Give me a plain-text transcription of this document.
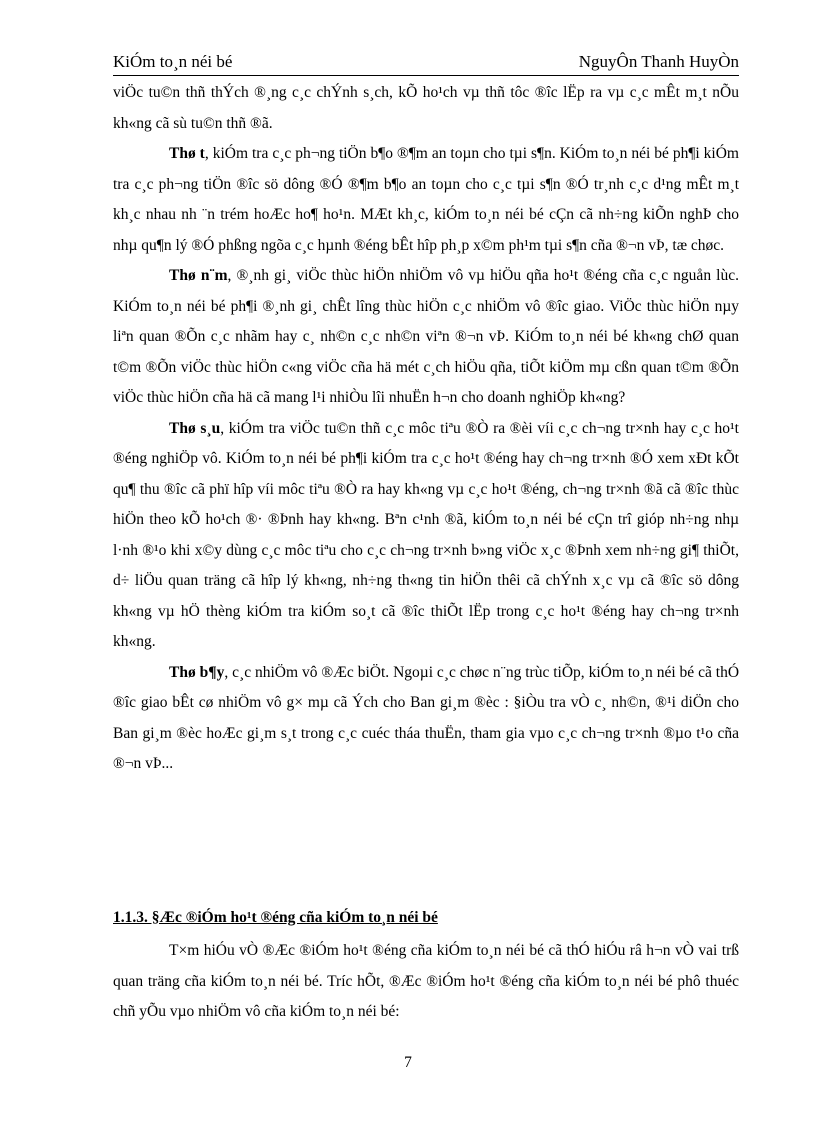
KiÓm to¸n néi bé	NguyÔn Thanh HuyÒn

viÖc tu©n thñ thÝch ®¸ng c¸c chÝnh s¸ch, kÕ ho¹ch vµ thñ tôc ®îc lËp ra vµ c¸c mÊt m¸t nÕu kh«ng cã sù tu©n thñ ®ã.

Thø t, kiÓm tra c¸c ph¬ng tiÖn b¶o ®¶m an toµn cho tµi s¶n. KiÓm to¸n néi bé ph¶i kiÓm tra c¸c ph¬ng tiÖn ®îc sö dông ®Ó ®¶m b¶o an toµn cho c¸c tµi s¶n ®Ó tr¸nh c¸c d¹ng mÊt m¸t kh¸c nhau nh ¨n trém hoÆc ho¶ ho¹n. MÆt kh¸c, kiÓm to¸n néi bé cÇn cã nh÷ng kiÕn nghÞ cho nhµ qu¶n lý ®Ó phßng ngõa c¸c hµnh ®éng bÊt hîp ph¸p x©m ph¹m tµi s¶n cña ®¬n vÞ, tæ chøc.

Thø n¨m, ®¸nh gi¸ viÖc thùc hiÖn nhiÖm vô vµ hiÖu qña ho¹t ®éng cña c¸c nguån lùc. KiÓm to¸n néi bé ph¶i ®¸nh gi¸ chÊt lîng thùc hiÖn c¸c nhiÖm vô ®îc giao. ViÖc thùc hiÖn nµy liªn quan ®Õn c¸c nhãm hay c¸ nh©n c¸c nh©n viªn ®¬n vÞ. KiÓm to¸n néi bé kh«ng chØ quan t©m ®Õn viÖc thùc hiÖn c«ng viÖc cña hä mét c¸ch hiÖu qña, tiÕt kiÖm mµ cßn quan t©m ®Õn viÖc thùc hiÖn cña hä cã mang l¹i nhiÒu lîi nhuËn h¬n cho doanh nghiÖp kh«ng?

Thø s¸u, kiÓm tra viÖc tu©n thñ c¸c môc tiªu ®Ò ra ®èi víi c¸c ch¬ng tr×nh hay c¸c ho¹t ®éng nghiÖp vô. KiÓm to¸n néi bé ph¶i kiÓm tra c¸c ho¹t ®éng hay ch¬ng tr×nh ®Ó xem xÐt kÕt qu¶ thu ®îc cã phï hîp víi môc tiªu ®Ò ra hay kh«ng vµ c¸c ho¹t ®éng, ch¬ng tr×nh ®ã cã ®îc thùc hiÖn theo kÕ ho¹ch ®· ®Þnh hay kh«ng. Bªn c¹nh ®ã, kiÓm to¸n néi bé cÇn trî gióp nh÷ng nhµ l·nh ®¹o khi x©y dùng c¸c môc tiªu cho c¸c ch¬ng tr×nh b»ng viÖc x¸c ®Þnh xem nh÷ng gi¶ thiÕt, d÷ liÖu quan träng cã hîp lý kh«ng, nh÷ng th«ng tin hiÖn thêi cã chÝnh x¸c vµ cã ®îc sö dông kh«ng vµ hÖ thèng kiÓm tra kiÓm so¸t cã ®îc thiÕt lËp trong c¸c ho¹t ®éng hay ch¬ng tr×nh kh«ng.

Thø b¶y, c¸c nhiÖm vô ®Æc biÖt. Ngoµi c¸c chøc n¨ng trùc tiÕp, kiÓm to¸n néi bé cã thÓ ®îc giao bÊt cø nhiÖm vô g× mµ cã Ých cho Ban gi¸m ®èc : §iÒu tra vÒ c¸ nh©n, ®¹i diÖn cho Ban gi¸m ®èc hoÆc gi¸m s¸t trong c¸c cuéc tháa thuËn, tham gia vµo c¸c ch¬ng tr×nh ®µo t¹o cña ®¬n vÞ...

1.1.3. §Æc ®iÓm ho¹t ®éng cña kiÓm to¸n néi bé

T×m hiÓu vÒ ®Æc ®iÓm ho¹t ®éng cña kiÓm to¸n néi bé cã thÓ hiÓu râ h¬n vÒ vai trß quan träng cña kiÓm to¸n néi bé. Tríc hÕt, ®Æc ®iÓm ho¹t ®éng cña kiÓm to¸n néi bé phô thuéc chñ yÕu vµo nhiÖm vô cña kiÓm to¸n néi bé:

7
